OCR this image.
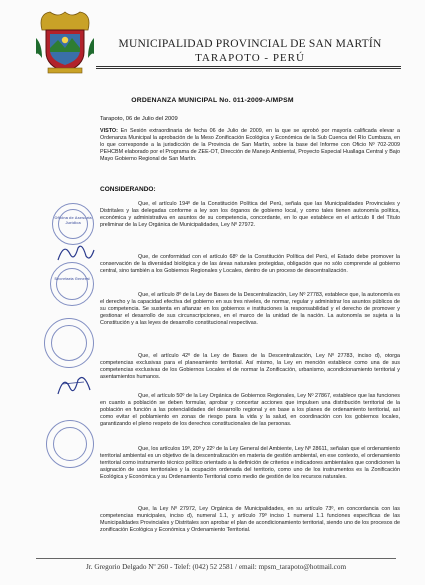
MUNICIPALIDAD PROVINCIAL DE SAN MARTÍN
TARAPOTO - PERÚ
ORDENANZA MUNICIPAL No. 011-2009-A/MPSM
Tarapoto, 06 de Julio del 2009
VISTO: En Sesión extraordinaria de fecha 06 de Julio de 2009, en la que se aprobó por mayoría calificada elevar a Ordenanza Municipal la aprobación de la Meso Zonificación Ecológica y Económica de la Sub Cuenca del Río Cumbaza, en lo que corresponde a la jurisdicción de la Provincia de San Martín, sobre la base del Informe con Oficio Nº 702-2009 PEHCBM elaborado por el Programa de ZEE-OT, Dirección de Manejo Ambiental, Proyecto Especial Huallaga Central y Bajo Mayo Gobierno Regional de San Martín.
CONSIDERANDO:
Que, el artículo 194º de la Constitución Política del Perú, señala que las Municipalidades Provinciales y Distritales y las delegadas conforme a ley son los órganos de gobierno local, y como tales tienen autonomía política, económica y administrativa en asuntos de su competencia, concordante, en lo que establece en el artículo II del Título preliminar de la Ley Orgánica de Municipalidades, Ley Nº 27972.
Que, de conformidad con el artículo 68º de la Constitución Política del Perú, el Estado debe promover la conservación de la diversidad biológica y de las áreas naturales protegidas, obligación que no sólo comprende al gobierno central, sino también a los Gobiernos Regionales y Locales, dentro de un proceso de descentralización.
Que, el artículo 8º de la Ley de Bases de la Descentralización, Ley Nº 27783, establece que, la autonomía es el derecho y la capacidad efectiva del gobierno en sus tres niveles, de normar, regular y administrar los asuntos públicos de su competencia. Se sustenta en afianzar en los gobiernos e instituciones la responsabilidad y el derecho de promover y gestionar el desarrollo de sus circunscripciones, en el marco de la unidad de la nación. La autonomía se sujeta a la Constitución y a las leyes de desarrollo constitucional respectivas.
Que, el artículo 42º de la Ley de Bases de la Descentralización, Ley Nº 27783, inciso d), otorga competencias exclusivas para el planeamiento territorial. Así mismo, la Ley en mención establece como una de sus competencias exclusivas de los Gobiernos Locales el de normar la Zonificación, urbanismo, acondicionamiento territorial y asentamientos humanos.
Que, el artículo 50º de la Ley Orgánica de Gobiernos Regionales, Ley Nº 27867, establece que las funciones en cuanto a población se deben formular, aprobar y concertar acciones que impulsen una distribución territorial de la población en función a las potencialidades del desarrollo regional y en base a los planes de ordenamiento territorial, así como evitar el poblamiento en zonas de riesgo para la vida y la salud, en coordinación con los gobiernos locales, garantizando el pleno respeto de los derechos constitucionales de las personas.
Que, los artículos 19º, 20º y 22º de la Ley General del Ambiente, Ley Nº 28611, señalan que el ordenamiento territorial ambiental es un objetivo de la descentralización en materia de gestión ambiental, en ese contexto, el ordenamiento territorial como instrumento técnico político orientado a la definición de criterios e indicadores ambientales que condicionen la asignación de usos territoriales y la ocupación ordenada del territorio, como uno de los instrumentos es la Zonificación Ecológica y Económica y su Ordenamiento Territorial como medio de gestión de los recursos naturales.
Que, la Ley Nº 27972, Ley Orgánica de Municipalidades, en su artículo 73º, en concordancia con las competencias municipales, inciso d), numeral 1.1, y artículo 79º inciso 1 numeral 1.1 funciones específicas de las Municipalidades Provinciales y Distritales son aprobar el plan de acondicionamiento territorial, siendo uno de los procesos de zonificación Ecológica y Económica y Ordenamiento Territorial.
Oficina de Asesoría Jurídica
Secretaría General
Jr. Gregorio Delgado Nº 260 - Telef: (042) 52 2581 / email: mpsm_tarapoto@hotmail.com
